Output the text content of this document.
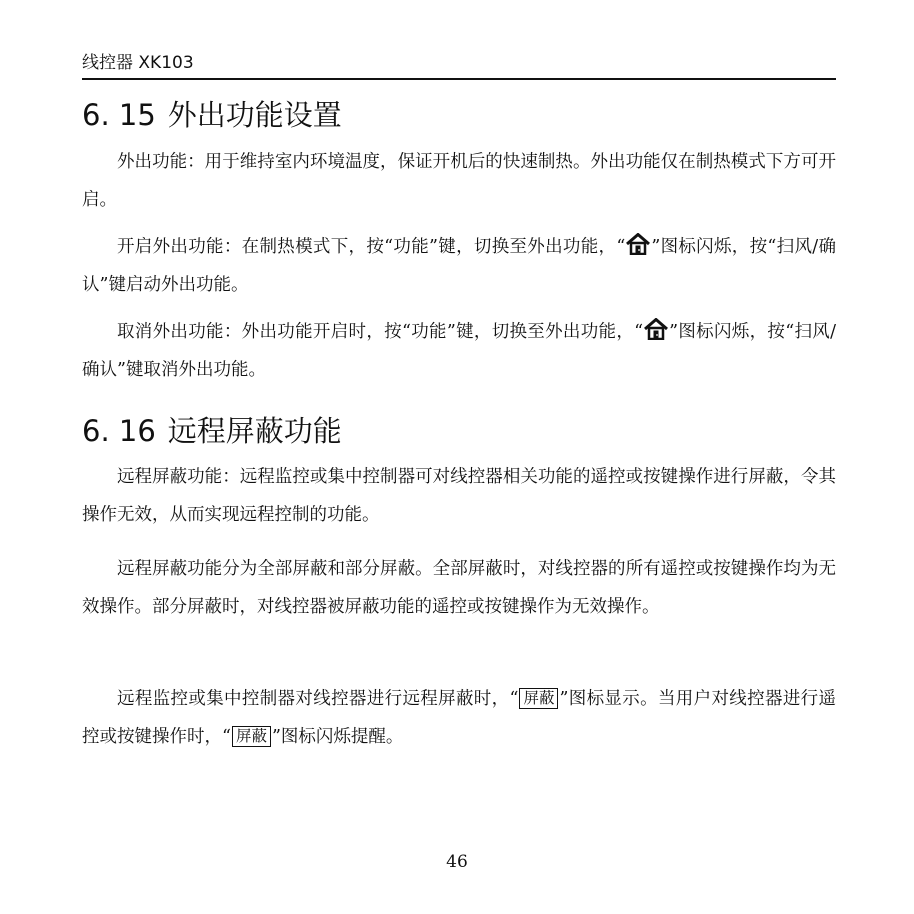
线控器 XK103
6. 15 外出功能设置

外出功能：用于维持室内环境温度，保证开机后的快速制热。外出功能仅在制热模式下方可开启。

开启外出功能：在制热模式下，按“功能”键，切换至外出功能，“ ”图标闪烁，按“扫风/确认”键启动外出功能。

取消外出功能：外出功能开启时，按“功能”键，切换至外出功能，“ ”图标闪烁，按“扫风/确认”键取消外出功能。

6. 16 远程屏蔽功能

远程屏蔽功能：远程监控或集中控制器可对线控器相关功能的遥控或按键操作进行屏蔽，令其操作无效，从而实现远程控制的功能。

远程屏蔽功能分为全部屏蔽和部分屏蔽。全部屏蔽时，对线控器的所有遥控或按键操作均为无效操作。部分屏蔽时，对线控器被屏蔽功能的遥控或按键操作为无效操作。

远程监控或集中控制器对线控器进行远程屏蔽时，“ 屏蔽 ”图标显示。当用户对线控器进行遥控或按键操作时，“ 屏蔽 ”图标闪烁提醒。

46
